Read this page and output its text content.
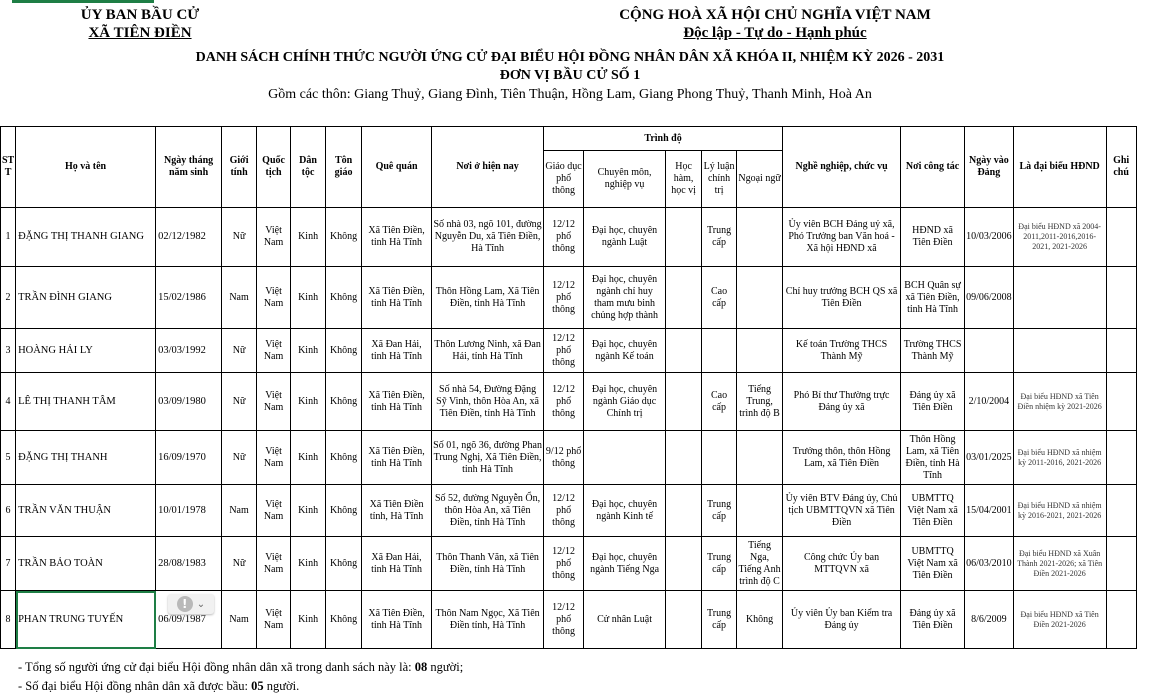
ỦY BAN BẦU CỬ
XÃ TIÊN ĐIỀN
CỘNG HOÀ XÃ HỘI CHỦ NGHĨA VIỆT NAM
Độc lập - Tự do - Hạnh phúc
DANH SÁCH CHÍNH THỨC NGƯỜI ỨNG CỬ ĐẠI BIỂU HỘI ĐỒNG NHÂN DÂN XÃ KHÓA II, NHIỆM KỲ 2026 - 2031
ĐƠN VỊ BẦU CỬ SỐ 1
Gồm các thôn: Giang Thuỷ, Giang Đình, Tiên Thuận, Hồng Lam, Giang Phong Thuỷ, Thanh Minh, Hoà An
ST T	Họ và tên	Ngày tháng năm sinh	Giới tính	Quốc tịch	Dân tộc	Tôn giáo	Quê quán	Nơi ở hiện nay	Trình độ					Nghề nghiệp, chức vụ	Nơi công tác	Ngày vào Đảng	Là đại biểu HĐND	Ghi chú
									Giáo dục phổ thông	Chuyên môn, nghiệp vụ	Học hàm, học vị	Lý luận chính trị	Ngoại ngữ					
1	ĐẶNG THỊ THANH GIANG	02/12/1982	Nữ	Việt Nam	Kinh	Không	Xã Tiên Điền, tỉnh Hà Tĩnh	Số nhà 03, ngõ 101, đường Nguyễn Du, xã Tiên Điền, Hà Tĩnh	12/12 phổ thông	Đại học, chuyên ngành Luật		Trung cấp		Ủy viên BCH Đảng uỷ xã, Phó Trưởng ban Văn hoá - Xã hội HĐND xã	HĐND xã Tiên Điền	10/03/2006	Đại biểu HĐND xã 2004-2011,2011-2016,2016-2021, 2021-2026	
2	TRẦN ĐÌNH GIANG	15/02/1986	Nam	Việt Nam	Kinh	Không	Xã Tiên Điền, tỉnh Hà Tĩnh	Thôn Hồng Lam, Xã Tiên Điền, tỉnh Hà Tĩnh	12/12 phổ thông	Đại học, chuyên ngành chỉ huy tham mưu binh chủng hợp thành		Cao cấp		Chỉ huy trưởng BCH QS xã Tiên Điền	BCH Quân sự xã Tiên Điền, tỉnh Hà Tĩnh	09/06/2008		
3	HOÀNG HẢI LY	03/03/1992	Nữ	Việt Nam	Kinh	Không	Xã Đan Hải, tỉnh Hà Tĩnh	Thôn Lương Ninh, xã Đan Hải, tỉnh Hà Tĩnh	12/12 phổ thông	Đại học, chuyên ngành Kế toán				Kế toán Trường THCS Thành Mỹ	Trường THCS Thành Mỹ			
4	LÊ THỊ THANH TÂM	03/09/1980	Nữ	Việt Nam	Kinh	Không	Xã Tiên Điền, tỉnh Hà Tĩnh	Số nhà 54, Đường Đặng Sỹ Vinh, thôn Hòa An, xã Tiên Điền, tỉnh Hà Tĩnh	12/12 phổ thông	Đại học, chuyên ngành Giáo dục Chính trị		Cao cấp	Tiếng Trung, trình độ B	Phó Bí thư Thường trực Đảng ủy xã	Đảng ủy xã Tiên Điền	2/10/2004	Đại biểu HĐND xã Tiên Điền nhiệm kỳ 2021-2026	
5	ĐẶNG THỊ THANH	16/09/1970	Nữ	Việt Nam	Kinh	Không	Xã Tiên Điền, tỉnh Hà Tĩnh	Số 01, ngõ 36, đường Phan Trung Nghị, Xã Tiên Điền, tỉnh Hà Tĩnh	9/12 phổ thông					Trưởng thôn, thôn Hồng Lam, xã Tiên Điền	Thôn Hồng Lam, xã Tiên Điền, tỉnh Hà Tĩnh	03/01/2025	Đại biểu HĐND xã nhiệm kỳ 2011-2016, 2021-2026	
6	TRẦN VĂN THUẬN	10/01/1978	Nam	Việt Nam	Kinh	Không	Xã Tiên Điền tỉnh, Hà Tĩnh	Số 52, đường Nguyễn Ổn, thôn Hòa An, xã Tiên Điền, tỉnh Hà Tĩnh	12/12 phổ thông	Đại học, chuyên ngành Kinh tế		Trung cấp		Ủy viên BTV Đảng ủy, Chủ tịch UBMTTQVN xã Tiên Điền	UBMTTQ Việt Nam xã Tiên Điền	15/04/2001	Đại biểu HĐND xã nhiệm kỳ 2016-2021, 2021-2026	
7	TRẦN BẢO TOÀN	28/08/1983	Nữ	Việt Nam	Kinh	Không	Xã Đan Hải, tỉnh Hà Tĩnh	Thôn Thanh Văn, xã Tiên Điền, tỉnh Hà Tĩnh	12/12 phổ thông	Đại học, chuyên ngành Tiếng Nga		Trung cấp	Tiếng Nga, Tiếng Anh trình độ C	Công chức Ủy ban MTTQVN xã	UBMTTQ Việt Nam xã Tiên Điền	06/03/2010	Đại biểu HĐND xã Xuân Thành 2021-2026; xã Tiên Điền 2021-2026	
8	PHAN TRUNG TUYẾN	06/09/1987	Nam	Việt Nam	Kinh	Không	Xã Tiên Điền, tỉnh Hà Tĩnh	Thôn Nam Ngọc, Xã Tiên Điền tỉnh, Hà Tĩnh	12/12 phổ thông	Cử nhân Luật		Trung cấp	Không	Ủy viên Ủy ban Kiểm tra Đảng ủy	Đảng ủy xã Tiên Điền	8/6/2009	Đại biểu HĐND xã Tiên Điền 2021-2026	
! ⌄
- Tổng số người ứng cử đại biểu Hội đồng nhân dân xã trong danh sách này là: 08 người;
- Số đại biểu Hội đồng nhân dân xã được bầu: 05 người.
